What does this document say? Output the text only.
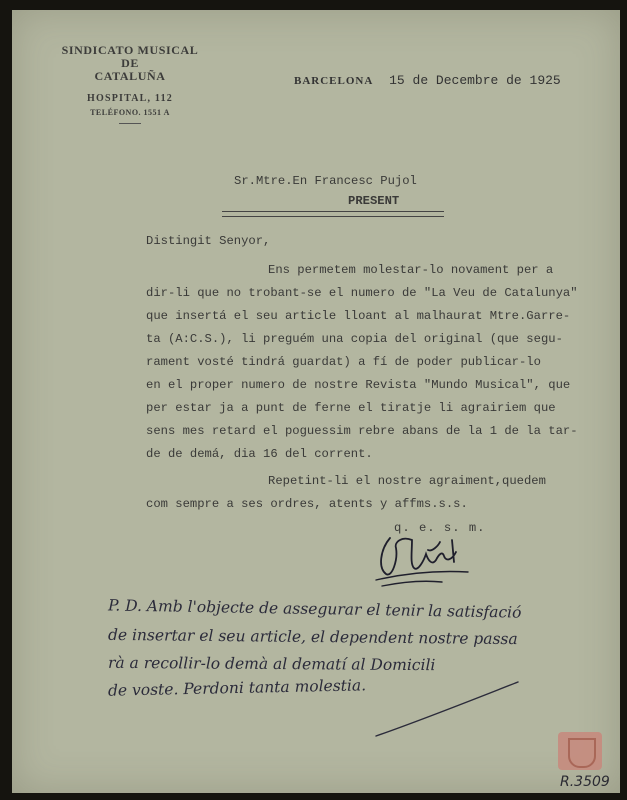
SINDICATO MUSICAL
DE
CATALUÑA
HOSPITAL, 112
TELÉFONO. 1551 A
BARCELONA 15 de Decembre de 1925
Sr.Mtre.En Francesc Pujol
PRESENT
Distingit Senyor,
Ens permetem molestar-lo novament per a
dir-li que no trobant-se el numero de "La Veu de Catalunya"
que insertá el seu article lloant al malhaurat Mtre.Garre-
ta (A:C.S.), li preguém una copia del original (que segu-
rament vosté tindrá guardat) a fí de poder publicar-lo
en el proper numero de nostre Revista "Mundo Musical", que
per estar ja a punt de ferne el tiratje li agrairiem que
sens mes retard el poguessim rebre abans de la 1 de la tar-
de de demá, dia 16 del corrent.
Repetint-li el nostre agraiment,quedem
com sempre a ses ordres, atents y affms.s.s.
q. e. s. m.
P. D. Amb l'objecte de assegurar el tenir la satisfació
de insertar el seu article, el dependent nostre passa
rà a recollir-lo demà al dematí al Domicili
de voste. Perdoni tanta molestia.
R.3509
